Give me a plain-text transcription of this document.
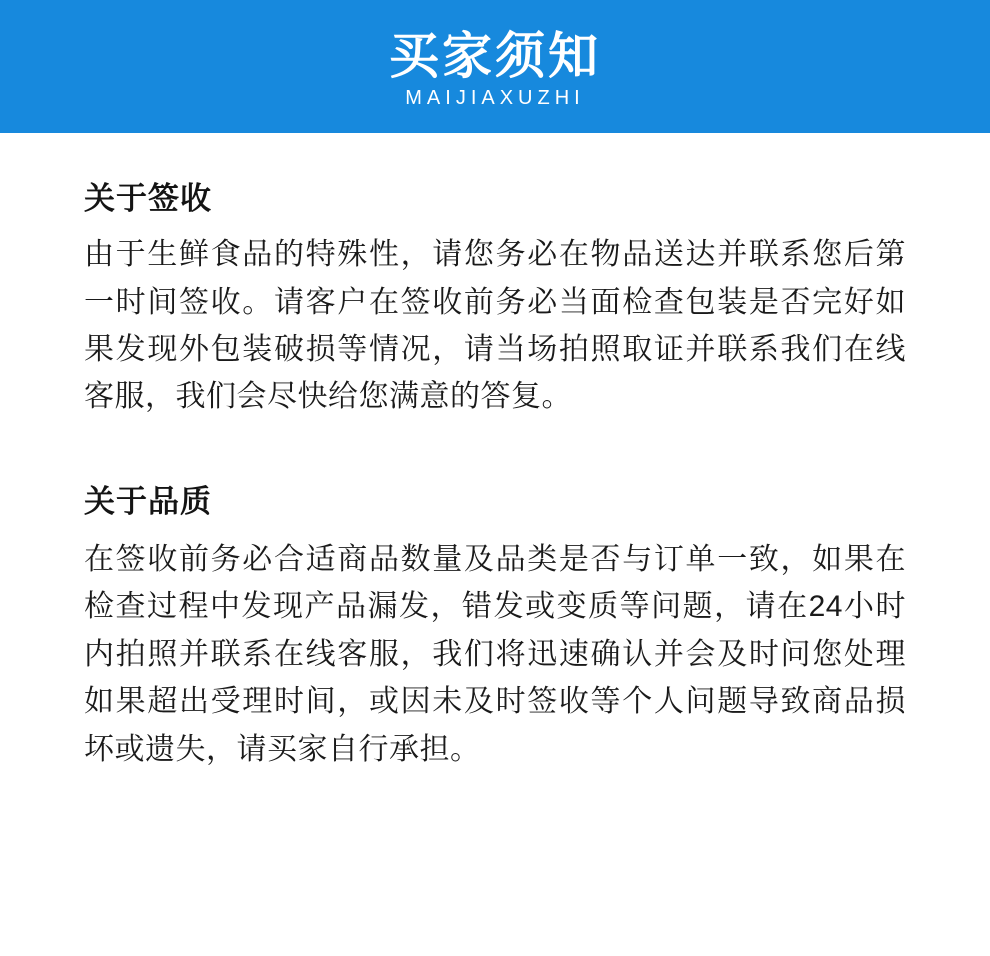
买家须知
MAIJIAXUZHI
关于签收

由于生鲜食品的特殊性，请您务必在物品送达并联系您后第一时间签收。请客户在签收前务必当面检查包装是否完好如果发现外包装破损等情况，请当场拍照取证并联系我们在线客服，我们会尽快给您满意的答复。

关于品质

在签收前务必合适商品数量及品类是否与订单一致，如果在检查过程中发现产品漏发，错发或变质等问题，请在24小时内拍照并联系在线客服，我们将迅速确认并会及时问您处理如果超出受理时间，或因未及时签收等个人问题导致商品损坏或遗失，请买家自行承担。
